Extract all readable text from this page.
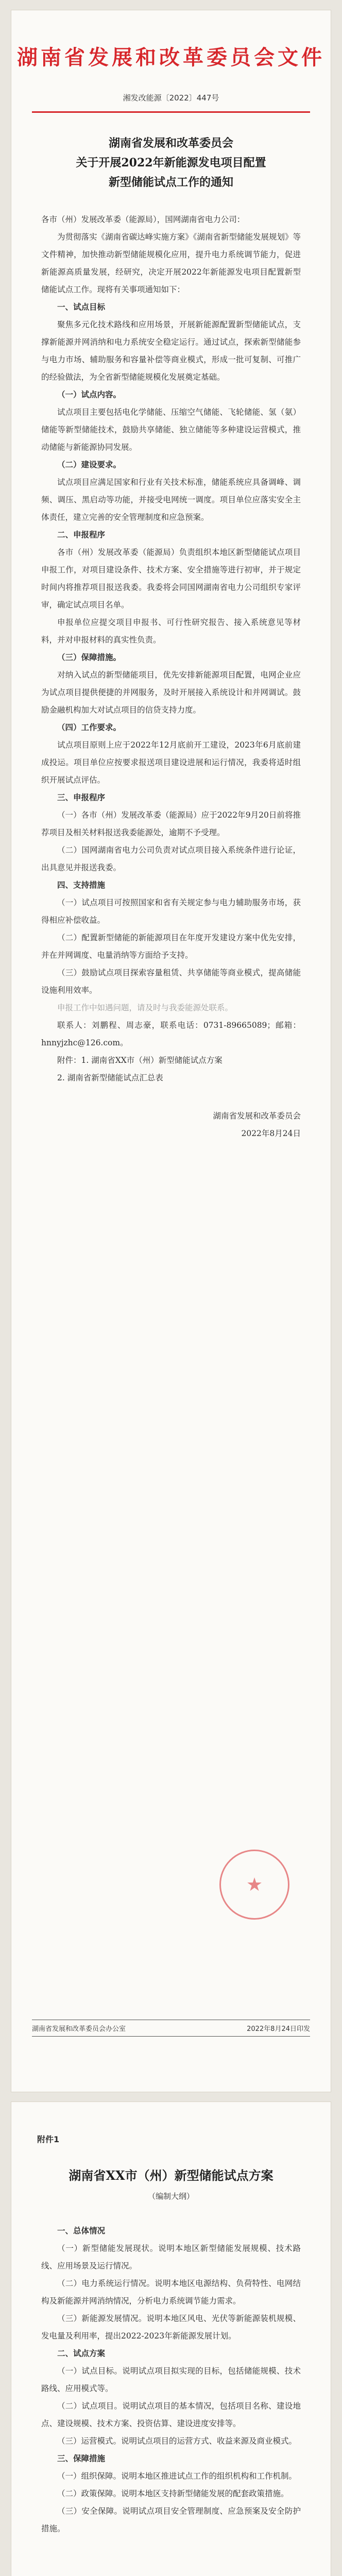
湖南省发展和改革委员会文件
湘发改能源〔2022〕447号
湖南省发展和改革委员会
关于开展2022年新能源发电项目配置
新型储能试点工作的通知

各市（州）发展改革委（能源局），国网湖南省电力公司：

为贯彻落实《湖南省碳达峰实施方案》《湖南省新型储能发展规划》等文件精神，加快推动新型储能规模化应用，提升电力系统调节能力，促进新能源高质量发展，经研究，决定开展2022年新能源发电项目配置新型储能试点工作。现将有关事项通知如下：

一、试点目标

聚焦多元化技术路线和应用场景，开展新能源配置新型储能试点，支撑新能源并网消纳和电力系统安全稳定运行。通过试点，探索新型储能参与电力市场、辅助服务和容量补偿等商业模式，形成一批可复制、可推广的经验做法，为全省新型储能规模化发展奠定基础。

（一）试点内容。

试点项目主要包括电化学储能、压缩空气储能、飞轮储能、氢（氨）储能等新型储能技术，鼓励共享储能、独立储能等多种建设运营模式，推动储能与新能源协同发展。

（二）建设要求。

试点项目应满足国家和行业有关技术标准，储能系统应具备调峰、调频、调压、黑启动等功能，并接受电网统一调度。项目单位应落实安全主体责任，建立完善的安全管理制度和应急预案。

二、申报程序

各市（州）发展改革委（能源局）负责组织本地区新型储能试点项目申报工作，对项目建设条件、技术方案、安全措施等进行初审，并于规定时间内将推荐项目报送我委。我委将会同国网湖南省电力公司组织专家评审，确定试点项目名单。

申报单位应提交项目申报书、可行性研究报告、接入系统意见等材料，并对申报材料的真实性负责。

（三）保障措施。

对纳入试点的新型储能项目，优先安排新能源项目配置，电网企业应为试点项目提供便捷的并网服务，及时开展接入系统设计和并网调试。鼓励金融机构加大对试点项目的信贷支持力度。

（四）工作要求。

试点项目原则上应于2022年12月底前开工建设，2023年6月底前建成投运。项目单位应按要求报送项目建设进展和运行情况，我委将适时组织开展试点评估。

三、申报程序

（一）各市（州）发展改革委（能源局）应于2022年9月20日前将推荐项目及相关材料报送我委能源处，逾期不予受理。

（二）国网湖南省电力公司负责对试点项目接入系统条件进行论证，出具意见并报送我委。

四、支持措施

（一）试点项目可按照国家和省有关规定参与电力辅助服务市场，获得相应补偿收益。

（二）配置新型储能的新能源项目在年度开发建设方案中优先安排，并在并网调度、电量消纳等方面给予支持。

（三）鼓励试点项目探索容量租赁、共享储能等商业模式，提高储能设施利用效率。

申报工作中如遇问题，请及时与我委能源处联系。

联系人：刘鹏程、周志豪，联系电话：0731-89665089；邮箱：hnnyjzhc@126.com。

附件：1. 湖南省XX市（州）新型储能试点方案

2. 湖南省新型储能试点汇总表

湖南省发展和改革委员会
2022年8月24日
★
湖南省发展和改革委员会办公室	2022年8月24日印发
附件1
湖南省XX市（州）新型储能试点方案
（编制大纲）

一、总体情况

（一）新型储能发展现状。说明本地区新型储能发展规模、技术路线、应用场景及运行情况。

（二）电力系统运行情况。说明本地区电源结构、负荷特性、电网结构及新能源并网消纳情况，分析电力系统调节能力需求。

（三）新能源发展情况。说明本地区风电、光伏等新能源装机规模、发电量及利用率，提出2022-2023年新能源发展计划。

二、试点方案

（一）试点目标。说明试点项目拟实现的目标，包括储能规模、技术路线、应用模式等。

（二）试点项目。说明试点项目的基本情况，包括项目名称、建设地点、建设规模、技术方案、投资估算、建设进度安排等。

（三）运营模式。说明试点项目的运营方式、收益来源及商业模式。

三、保障措施

（一）组织保障。说明本地区推进试点工作的组织机构和工作机制。

（二）政策保障。说明本地区支持新型储能发展的配套政策措施。

（三）安全保障。说明试点项目安全管理制度、应急预案及安全防护措施。
